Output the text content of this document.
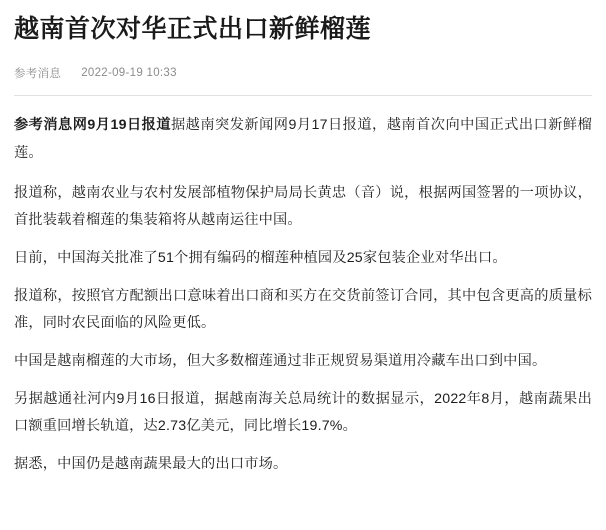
越南首次对华正式出口新鲜榴莲
参考消息 2022-09-19 10:33

参考消息网9月19日报道据越南突发新闻网9月17日报道，越南首次向中国正式出口新鲜榴莲。

报道称，越南农业与农村发展部植物保护局局长黄忠（音）说，根据两国签署的一项协议，首批装载着榴莲的集装箱将从越南运往中国。

日前，中国海关批准了51个拥有编码的榴莲种植园及25家包装企业对华出口。

报道称，按照官方配额出口意味着出口商和买方在交货前签订合同，其中包含更高的质量标准，同时农民面临的风险更低。

中国是越南榴莲的大市场，但大多数榴莲通过非正规贸易渠道用冷藏车出口到中国。

另据越通社河内9月16日报道，据越南海关总局统计的数据显示，2022年8月，越南蔬果出口额重回增长轨道，达2.73亿美元，同比增长19.7%。

据悉，中国仍是越南蔬果最大的出口市场。
